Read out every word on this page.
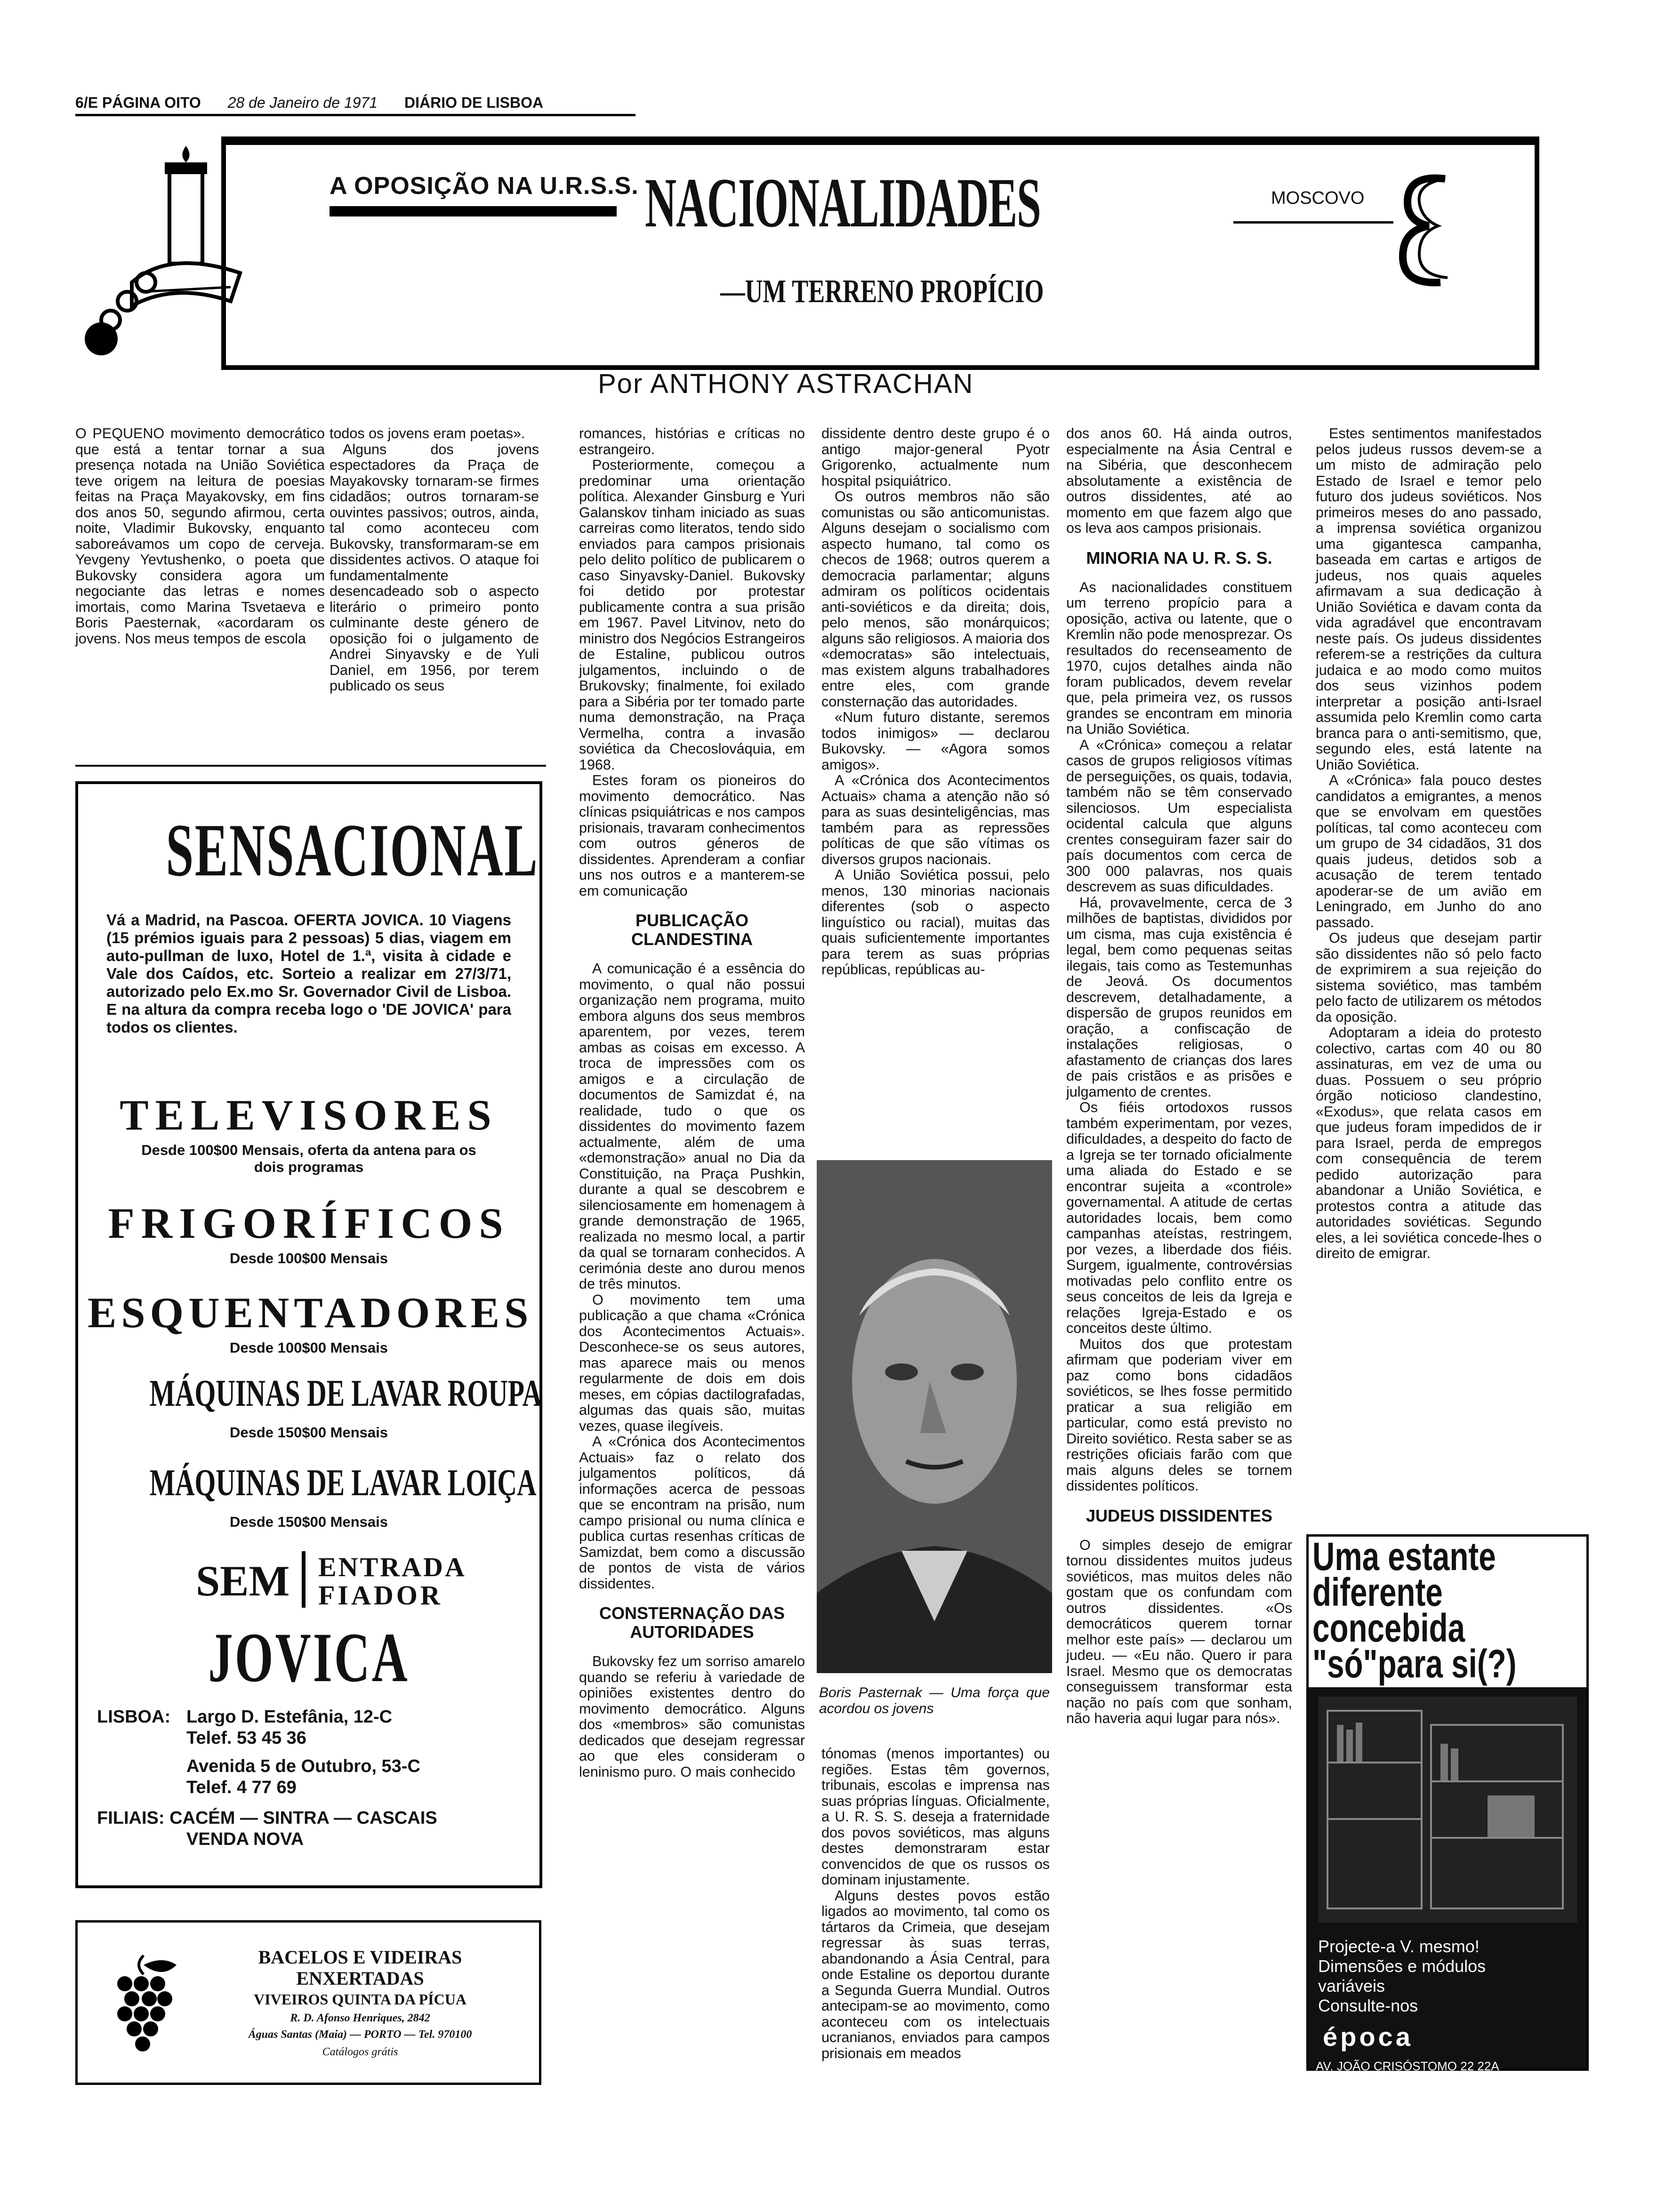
6/E PÁGINA OITO 28 de Janeiro de 1971 DIÁRIO DE LISBOA
A OPOSIÇÃO NA U.R.S.S. NACIONALIDADES
—UM TERRENO PROPÍCIO
MOSCOVO
Por ANTHONY ASTRACHAN

O PEQUENO movimento democrático que está a tentar tornar a sua presença notada na União Soviética teve origem na leitura de poesias feitas na Praça Mayakovsky, em fins dos anos 50, segundo afirmou, certa noite, Vladimir Bukovsky, enquanto saboreávamos um copo de cerveja. Yevgeny Yevtushenko, o poeta que Bukovsky considera agora um negociante das letras e nomes imortais, como Marina Tsvetaeva e Boris Paesternak, «acordaram os jovens. Nos meus tempos de escola

todos os jovens eram poetas».

Alguns dos jovens espectadores da Praça de Mayakovsky tornaram-se firmes cidadãos; outros tornaram-se ouvintes passivos; outros, ainda, tal como aconteceu com Bukovsky, transformaram-se em dissidentes activos. O ataque foi fundamentalmente desencadeado sob o aspecto literário o primeiro ponto culminante deste género de oposição foi o julgamento de Andrei Sinyavsky e de Yuli Daniel, em 1956, por terem publicado os seus

romances, histórias e críticas no estrangeiro.

Posteriormente, começou a predominar uma orientação política. Alexander Ginsburg e Yuri Galanskov tinham iniciado as suas carreiras como literatos, tendo sido enviados para campos prisionais pelo delito político de publicarem o caso Sinyavsky-Daniel. Bukovsky foi detido por protestar publicamente contra a sua prisão em 1967. Pavel Litvinov, neto do ministro dos Negócios Estrangeiros de Estaline, publicou outros julgamentos, incluindo o de Brukovsky; finalmente, foi exilado para a Sibéria por ter tomado parte numa demonstração, na Praça Vermelha, contra a invasão soviética da Checoslováquia, em 1968.

Estes foram os pioneiros do movimento democrático. Nas clínicas psiquiátricas e nos campos prisionais, travaram conhecimentos com outros géneros de dissidentes. Aprenderam a confiar uns nos outros e a manterem-se em comunicação

PUBLICAÇÃO CLANDESTINA

A comunicação é a essência do movimento, o qual não possui organização nem programa, muito embora alguns dos seus membros aparentem, por vezes, terem ambas as coisas em excesso. A troca de impressões com os amigos e a circulação de documentos de Samizdat é, na realidade, tudo o que os dissidentes do movimento fazem actualmente, além de uma «demonstração» anual no Dia da Constituição, na Praça Pushkin, durante a qual se descobrem e silenciosamente em homenagem à grande demonstração de 1965, realizada no mesmo local, a partir da qual se tornaram conhecidos. A cerimónia deste ano durou menos de três minutos.

O movimento tem uma publicação a que chama «Crónica dos Acontecimentos Actuais». Desconhece-se os seus autores, mas aparece mais ou menos regularmente de dois em dois meses, em cópias dactilografadas, algumas das quais são, muitas vezes, quase ilegíveis.

A «Crónica dos Acontecimentos Actuais» faz o relato dos julgamentos políticos, dá informações acerca de pessoas que se encontram na prisão, num campo prisional ou numa clínica e publica curtas resenhas críticas de Samizdat, bem como a discussão de pontos de vista de vários dissidentes.

CONSTERNAÇÃO DAS AUTORIDADES

Bukovsky fez um sorriso amarelo quando se referiu à variedade de opiniões existentes dentro do movimento democrático. Alguns dos «membros» são comunistas dedicados que desejam regressar ao que eles consideram o leninismo puro. O mais conhecido

dissidente dentro deste grupo é o antigo major-general Pyotr Grigorenko, actualmente num hospital psiquiátrico.

Os outros membros não são comunistas ou são anticomunistas. Alguns desejam o socialismo com aspecto humano, tal como os checos de 1968; outros querem a democracia parlamentar; alguns admiram os políticos ocidentais anti-soviéticos e da direita; dois, pelo menos, são monárquicos; alguns são religiosos. A maioria dos «democratas» são intelectuais, mas existem alguns trabalhadores entre eles, com grande consternação das autoridades.

«Num futuro distante, seremos todos inimigos» — declarou Bukovsky. — «Agora somos amigos».

A «Crónica dos Acontecimentos Actuais» chama a atenção não só para as suas desinteligências, mas também para as repressões políticas de que são vítimas os diversos grupos nacionais.

A União Soviética possui, pelo menos, 130 minorias nacionais diferentes (sob o aspecto linguístico ou racial), muitas das quais suficientemente importantes para terem as suas próprias repúblicas, repúblicas au-

Boris Pasternak — Uma força que acordou os jovens

tónomas (menos importantes) ou regiões. Estas têm governos, tribunais, escolas e imprensa nas suas próprias línguas. Oficialmente, a U. R. S. S. deseja a fraternidade dos povos soviéticos, mas alguns destes demonstraram estar convencidos de que os russos os dominam injustamente.

Alguns destes povos estão ligados ao movimento, tal como os tártaros da Crimeia, que desejam regressar às suas terras, abandonando a Ásia Central, para onde Estaline os deportou durante a Segunda Guerra Mundial. Outros antecipam-se ao movimento, como aconteceu com os intelectuais ucranianos, enviados para campos prisionais em meados

dos anos 60. Há ainda outros, especialmente na Ásia Central e na Sibéria, que desconhecem absolutamente a existência de outros dissidentes, até ao momento em que fazem algo que os leva aos campos prisionais.

MINORIA NA U. R. S. S.

As nacionalidades constituem um terreno propício para a oposição, activa ou latente, que o Kremlin não pode menosprezar. Os resultados do recenseamento de 1970, cujos detalhes ainda não foram publicados, devem revelar que, pela primeira vez, os russos grandes se encontram em minoria na União Soviética.

A «Crónica» começou a relatar casos de grupos religiosos vítimas de perseguições, os quais, todavia, também não se têm conservado silenciosos. Um especialista ocidental calcula que alguns crentes conseguiram fazer sair do país documentos com cerca de 300 000 palavras, nos quais descrevem as suas dificuldades.

Há, provavelmente, cerca de 3 milhões de baptistas, divididos por um cisma, mas cuja existência é legal, bem como pequenas seitas ilegais, tais como as Testemunhas de Jeová. Os documentos descrevem, detalhadamente, a dispersão de grupos reunidos em oração, a confiscação de instalações religiosas, o afastamento de crianças dos lares de pais cristãos e as prisões e julgamento de crentes.

Os fiéis ortodoxos russos também experimentam, por vezes, dificuldades, a despeito do facto de a Igreja se ter tornado oficialmente uma aliada do Estado e se encontrar sujeita a «controle» governamental. A atitude de certas autoridades locais, bem como campanhas ateístas, restringem, por vezes, a liberdade dos fiéis. Surgem, igualmente, controvérsias motivadas pelo conflito entre os seus conceitos de leis da Igreja e relações Igreja-Estado e os conceitos deste último.

Muitos dos que protestam afirmam que poderiam viver em paz como bons cidadãos soviéticos, se lhes fosse permitido praticar a sua religião em particular, como está previsto no Direito soviético. Resta saber se as restrições oficiais farão com que mais alguns deles se tornem dissidentes políticos.

JUDEUS DISSIDENTES

O simples desejo de emigrar tornou dissidentes muitos judeus soviéticos, mas muitos deles não gostam que os confundam com outros dissidentes. «Os democráticos querem tornar melhor este país» — declarou um judeu. — «Eu não. Quero ir para Israel. Mesmo que os democratas conseguissem transformar esta nação no país com que sonham, não haveria aqui lugar para nós».

Estes sentimentos manifestados pelos judeus russos devem-se a um misto de admiração pelo Estado de Israel e temor pelo futuro dos judeus soviéticos. Nos primeiros meses do ano passado, a imprensa soviética organizou uma gigantesca campanha, baseada em cartas e artigos de judeus, nos quais aqueles afirmavam a sua dedicação à União Soviética e davam conta da vida agradável que encontravam neste país. Os judeus dissidentes referem-se a restrições da cultura judaica e ao modo como muitos dos seus vizinhos podem interpretar a posição anti-Israel assumida pelo Kremlin como carta branca para o anti-semitismo, que, segundo eles, está latente na União Soviética.

A «Crónica» fala pouco destes candidatos a emigrantes, a menos que se envolvam em questões políticas, tal como aconteceu com um grupo de 34 cidadãos, 31 dos quais judeus, detidos sob a acusação de terem tentado apoderar-se de um avião em Leningrado, em Junho do ano passado.

Os judeus que desejam partir são dissidentes não só pelo facto de exprimirem a sua rejeição do sistema soviético, mas também pelo facto de utilizarem os métodos da oposição.

Adoptaram a ideia do protesto colectivo, cartas com 40 ou 80 assinaturas, em vez de uma ou duas. Possuem o seu próprio órgão noticioso clandestino, «Exodus», que relata casos em que judeus foram impedidos de ir para Israel, perda de empregos com consequência de terem pedido autorização para abandonar a União Soviética, e protestos contra a atitude das autoridades soviéticas. Segundo eles, a lei soviética concede-lhes o direito de emigrar.

SENSACIONAL
Vá a Madrid, na Pascoa. OFERTA JOVICA. 10 Viagens (15 prémios iguais para 2 pessoas) 5 dias, viagem em auto-pullman de luxo, Hotel de 1.ª, visita à cidade e Vale dos Caídos, etc. Sorteio a realizar em 27/3/71, autorizado pelo Ex.mo Sr. Governador Civil de Lisboa. E na altura da compra receba logo o 'DE JOVICA' para todos os clientes.
TELEVISORES
Desde 100$00 Mensais, oferta da antena para os dois programas
FRIGORÍFICOS
Desde 100$00 Mensais
ESQUENTADORES
Desde 100$00 Mensais
MÁQUINAS DE LAVAR ROUPA
Desde 150$00 Mensais
MÁQUINAS DE LAVAR LOIÇA
Desde 150$00 Mensais
SEM ENTRADA
FIADOR
JOVICA
LISBOA: Largo D. Estefânia, 12-C
Telef. 53 45 36
Avenida 5 de Outubro, 53-C
Telef. 4 77 69
FILIAIS: CACÉM — SINTRA — CASCAIS
VENDA NOVA
BACELOS E VIDEIRAS
ENXERTADAS
VIVEIROS QUINTA DA PÍCUA
R. D. Afonso Henriques, 2842
Águas Santas (Maia) — PORTO — Tel. 970100
Catálogos grátis
Uma estante
diferente
concebida
"só"para si(?)
Projecte-a V. mesmo!
Dimensões e módulos
variáveis
Consulte-nos
época
AV. JOÃO CRISÓSTOMO 22 22A
a 50 m. do Metrop. "Saldanha"
